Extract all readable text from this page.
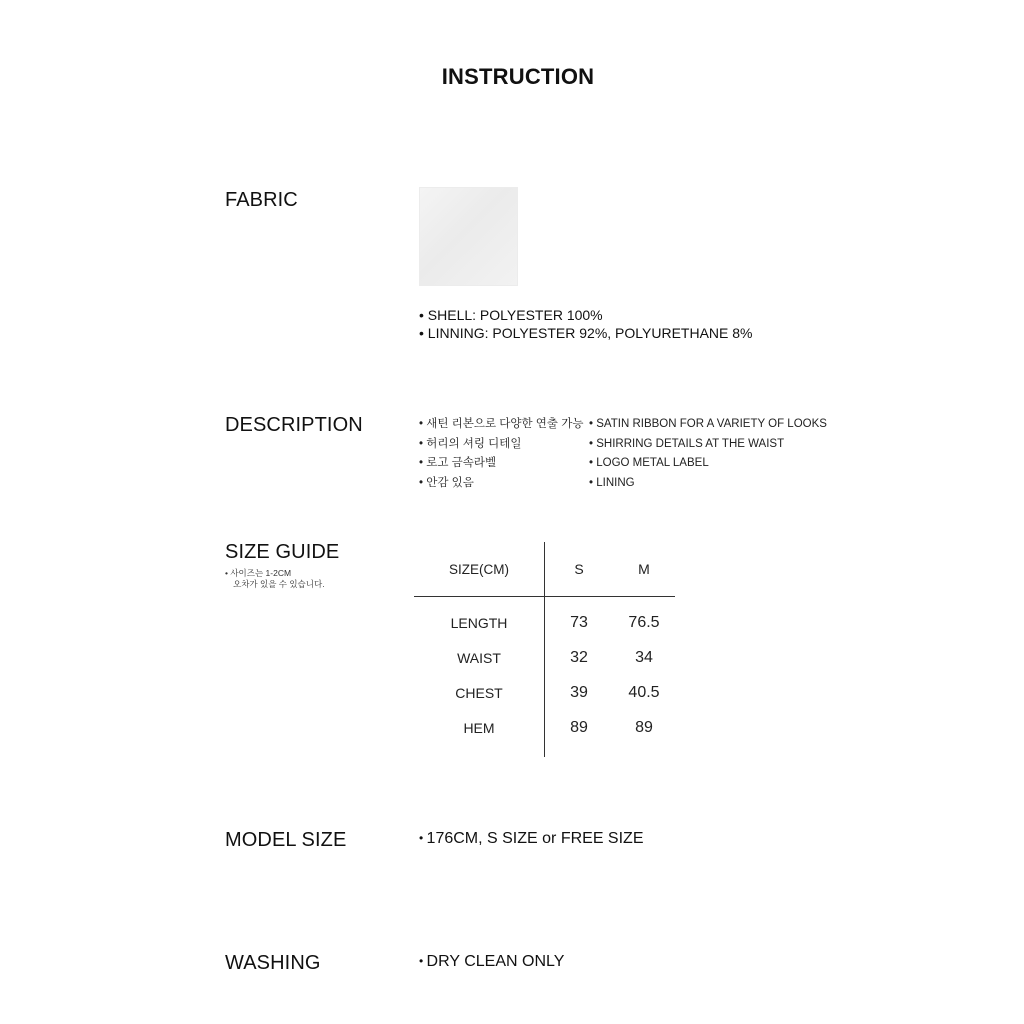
INSTRUCTION
FABRIC
• SHELL: POLYESTER 100%
• LINNING: POLYESTER 92%, POLYURETHANE 8%
DESCRIPTION	• 새틴 리본으로 다양한 연출 가능
• 허리의 셔링 디테일
• 로고 금속라벨
• 안감 있음
• SATIN RIBBON FOR A VARIETY OF LOOKS
• SHIRRING DETAILS AT THE WAIST
• LOGO METAL LABEL
• LINING
SIZE GUIDE
• 사이즈는 1-2CM
오차가 있을 수 있습니다.
SIZE(CM)	S	M
LENGTH	73	76.5
WAIST	32	34
CHEST	39	40.5
HEM	89	89
MODEL SIZE	• 176CM, S SIZE or FREE SIZE
WASHING	• DRY CLEAN ONLY
